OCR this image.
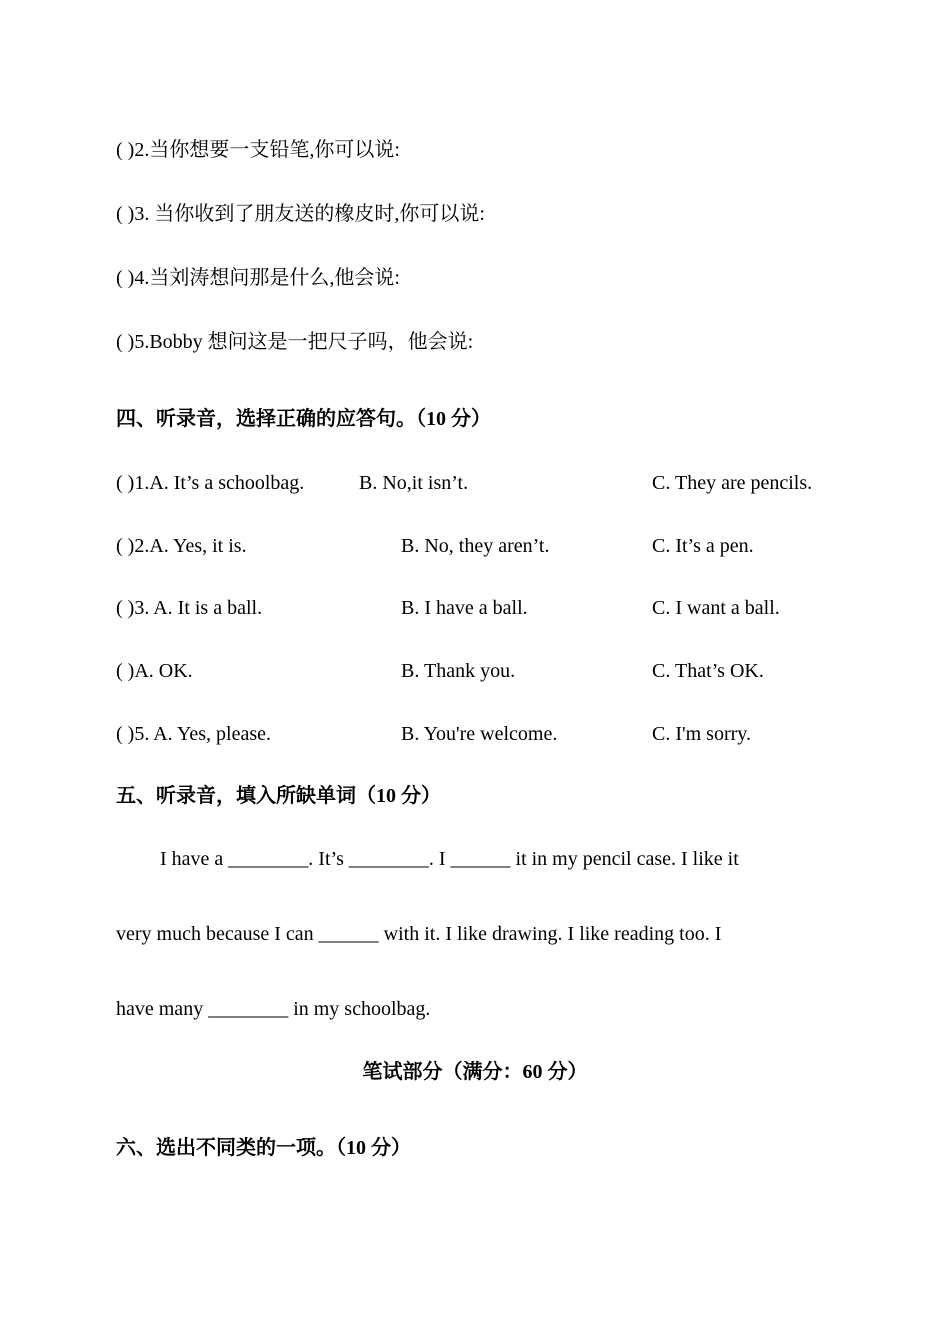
( )2.当你想要一支铅笔,你可以说:
( )3. 当你收到了朋友送的橡皮时,你可以说:
( )4.当刘涛想问那是什么,他会说:
( )5.Bobby 想问这是一把尺子吗，他会说:
四、听录音，选择正确的应答句。（10 分）
( )1.A. It’s a schoolbag.	B. No,it isn’t.	C. They are pencils.
( )2.A. Yes, it is.	B. No, they aren’t.	C. It’s a pen.
( )3. A. It is a ball.	B. I have a ball.	C. I want a ball.
( )A. OK.	B. Thank you.	C. That’s OK.
( )5. A. Yes, please.	B. You're welcome.	C. I'm sorry.
五、听录音，填入所缺单词（10 分）
I have a ________. It’s ________. I ______ it in my pencil case. I like it
very much because I can ______ with it. I like drawing. I like reading too. I
have many ________ in my schoolbag.
笔试部分（满分：60 分）
六、选出不同类的一项。（10 分）
